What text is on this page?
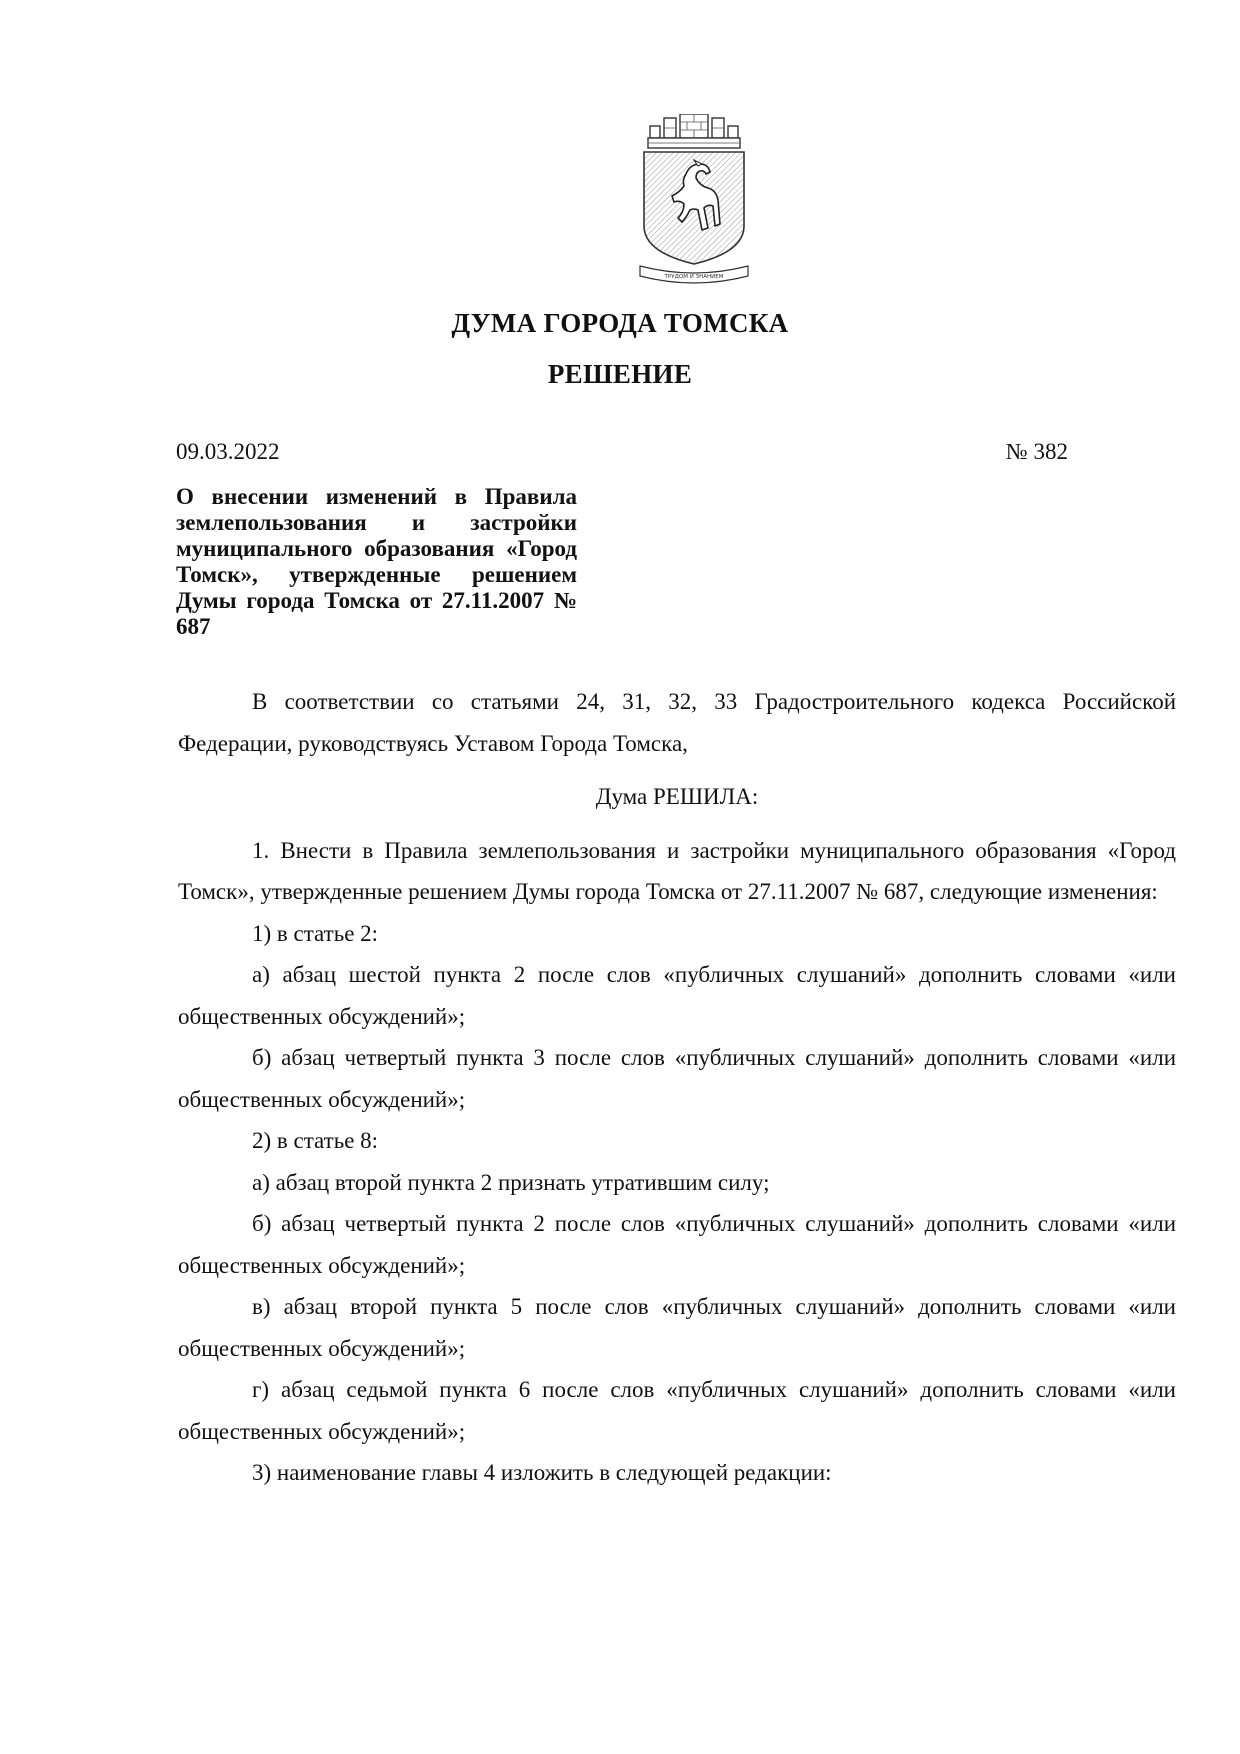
ТРУДОМ И ЗНАНИЕМ
ДУМА ГОРОДА ТОМСКА
РЕШЕНИЕ
09.03.2022	№ 382
О внесении изменений в Правила землепользования и застройки муниципального образования «Город Томск», утвержденные решением Думы города Томска от 27.11.2007 № 687

В соответствии со статьями 24, 31, 32, 33 Градостроительного кодекса Российской Федерации, руководствуясь Уставом Города Томска,

Дума РЕШИЛА:

1. Внести в Правила землепользования и застройки муниципального образования «Город Томск», утвержденные решением Думы города Томска от 27.11.2007 № 687, следующие изменения:

1) в статье 2:

а) абзац шестой пункта 2 после слов «публичных слушаний» дополнить словами «или общественных обсуждений»;

б) абзац четвертый пункта 3 после слов «публичных слушаний» дополнить словами «или общественных обсуждений»;

2) в статье 8:

а) абзац второй пункта 2 признать утратившим силу;

б) абзац четвертый пункта 2 после слов «публичных слушаний» дополнить словами «или общественных обсуждений»;

в) абзац второй пункта 5 после слов «публичных слушаний» дополнить словами «или общественных обсуждений»;

г) абзац седьмой пункта 6 после слов «публичных слушаний» дополнить словами «или общественных обсуждений»;

3) наименование главы 4 изложить в следующей редакции:
